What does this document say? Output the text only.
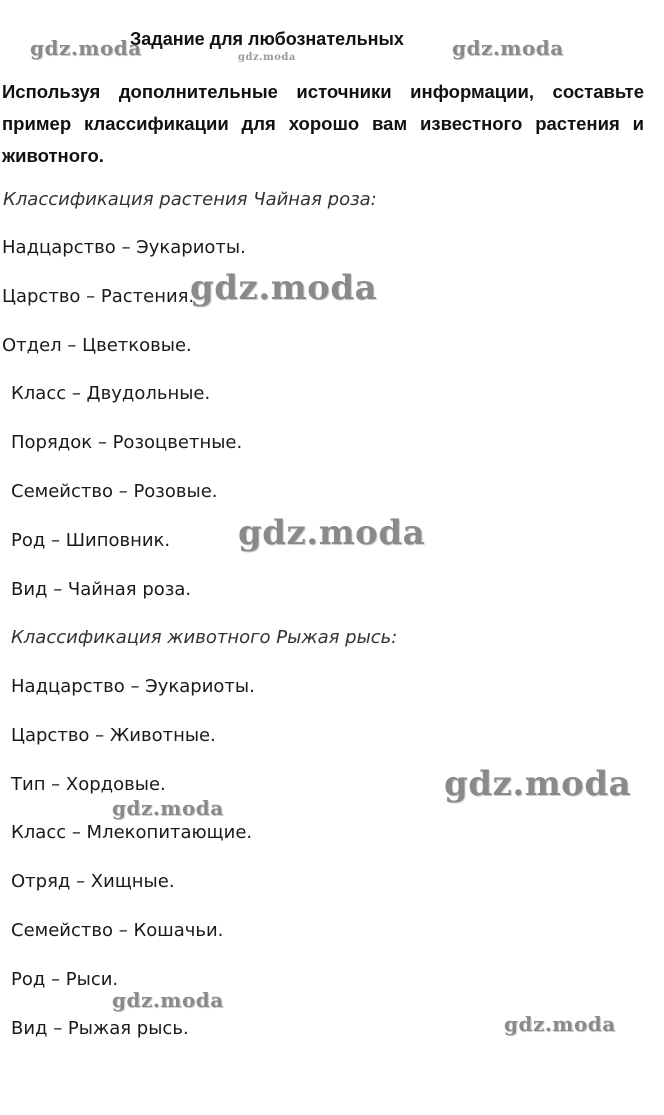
Задание для любознательных
Используя дополнительные источники информации, составьте пример классификации для хорошо вам известного растения и животного.
Классификация растения Чайная роза:
Надцарство – Эукариоты.
Царство – Растения.
Отдел – Цветковые.
Класс – Двудольные.
Порядок – Розоцветные.
Семейство – Розовые.
Род – Шиповник.
Вид – Чайная роза.
Классификация животного Рыжая рысь:
Надцарство – Эукариоты.
Царство – Животные.
Тип – Хордовые.
Класс – Млекопитающие.
Отряд – Хищные.
Семейство – Кошачьи.
Род – Рыси.
Вид – Рыжая рысь.
gdz.moda	gdz.moda
gdz.moda
gdz.moda
gdz.moda
gdz.moda
gdz.moda
gdz.moda
gdz.moda
